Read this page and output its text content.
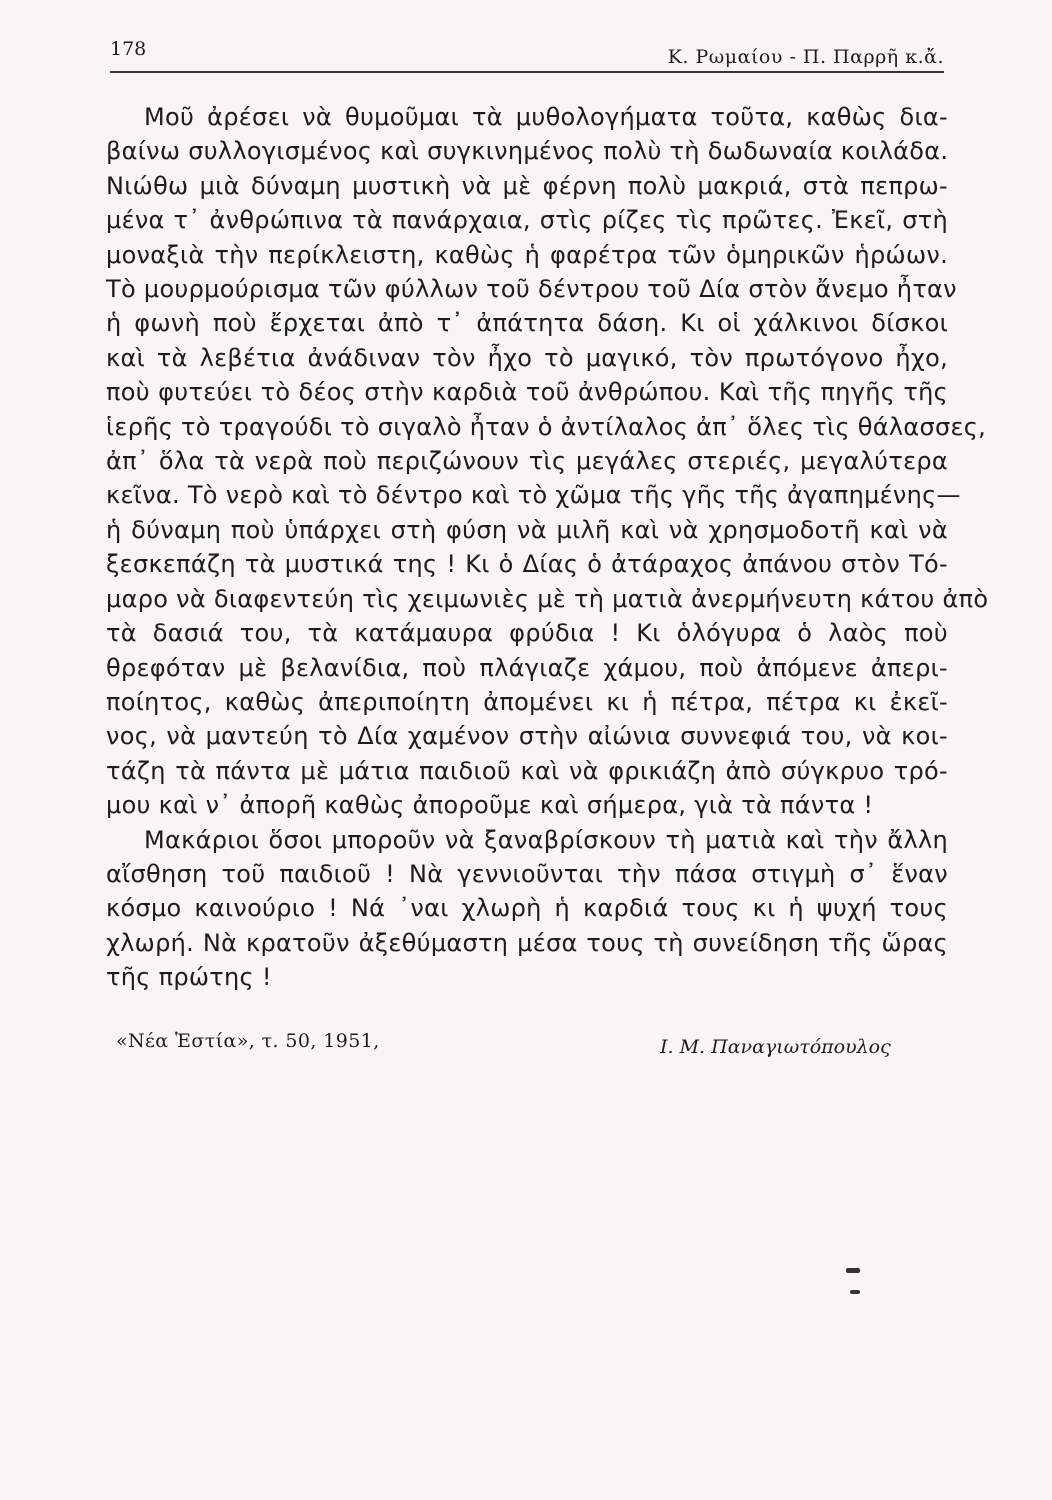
178	Κ. Ρωμαίου - Π. Παρρῆ κ.ἄ.
Μοῦ ἀρέσει νὰ θυμοῦμαι τὰ μυθολογήματα τοῦτα, καθὼς δια-
βαίνω συλλογισμένος καὶ συγκινημένος πολὺ τὴ δωδωναία κοιλάδα.
Νιώθω μιὰ δύναμη μυστικὴ νὰ μὲ φέρνη πολὺ μακριά, στὰ πεπρω-
μένα τ᾽ ἀνθρώπινα τὰ πανάρχαια, στὶς ρίζες τὶς πρῶτες. Ἐκεῖ, στὴ
μοναξιὰ τὴν περίκλειστη, καθὼς ἡ φαρέτρα τῶν ὁμηρικῶν ἡρώων.
Τὸ μουρμούρισμα τῶν φύλλων τοῦ δέντρου τοῦ Δία στὸν ἄνεμο ἦταν
ἡ φωνὴ ποὺ ἔρχεται ἀπὸ τ᾽ ἀπάτητα δάση. Κι οἱ χάλκινοι δίσκοι
καὶ τὰ λεβέτια ἀνάδιναν τὸν ἦχο τὸ μαγικό, τὸν πρωτόγονο ἦχο,
ποὺ φυτεύει τὸ δέος στὴν καρδιὰ τοῦ ἀνθρώπου. Καὶ τῆς πηγῆς τῆς
ἱερῆς τὸ τραγούδι τὸ σιγαλὸ ἦταν ὁ ἀντίλαλος ἀπ᾽ ὅλες τὶς θάλασσες,
ἀπ᾽ ὅλα τὰ νερὰ ποὺ περιζώνουν τὶς μεγάλες στεριές, μεγαλύτερα
κεῖνα. Τὸ νερὸ καὶ τὸ δέντρο καὶ τὸ χῶμα τῆς γῆς τῆς ἀγαπημένης—
ἡ δύναμη ποὺ ὑπάρχει στὴ φύση νὰ μιλῆ καὶ νὰ χρησμοδοτῆ καὶ νὰ
ξεσκεπάζη τὰ μυστικά της ! Κι ὁ Δίας ὁ ἀτάραχος ἀπάνου στὸν Τό-
μαρο νὰ διαφεντεύη τὶς χειμωνιὲς μὲ τὴ ματιὰ ἀνερμήνευτη κάτου ἀπὸ
τὰ δασιά του, τὰ κατάμαυρα φρύδια ! Κι ὁλόγυρα ὁ λαὸς ποὺ
θρεφόταν μὲ βελανίδια, ποὺ πλάγιαζε χάμου, ποὺ ἀπόμενε ἀπερι-
ποίητος, καθὼς ἀπεριποίητη ἀπομένει κι ἡ πέτρα, πέτρα κι ἐκεῖ-
νος, νὰ μαντεύη τὸ Δία χαμένον στὴν αἰώνια συννεφιά του, νὰ κοι-
τάζη τὰ πάντα μὲ μάτια παιδιοῦ καὶ νὰ φρικιάζη ἀπὸ σύγκρυο τρό-
μου καὶ ν᾽ ἀπορῆ καθὼς ἀποροῦμε καὶ σήμερα, γιὰ τὰ πάντα !
Μακάριοι ὅσοι μποροῦν νὰ ξαναβρίσκουν τὴ ματιὰ καὶ τὴν ἄλλη
αἴσθηση τοῦ παιδιοῦ ! Νὰ γεννιοῦνται τὴν πάσα στιγμὴ σ᾽ ἕναν
κόσμο καινούριο ! Νά ᾽ναι χλωρὴ ἡ καρδιά τους κι ἡ ψυχή τους
χλωρή. Νὰ κρατοῦν ἀξεθύμαστη μέσα τους τὴ συνείδηση τῆς ὥρας
τῆς πρώτης !
«Νέα Ἑστία», τ. 50, 1951,	Ι. Μ. Παναγιωτόπουλος
